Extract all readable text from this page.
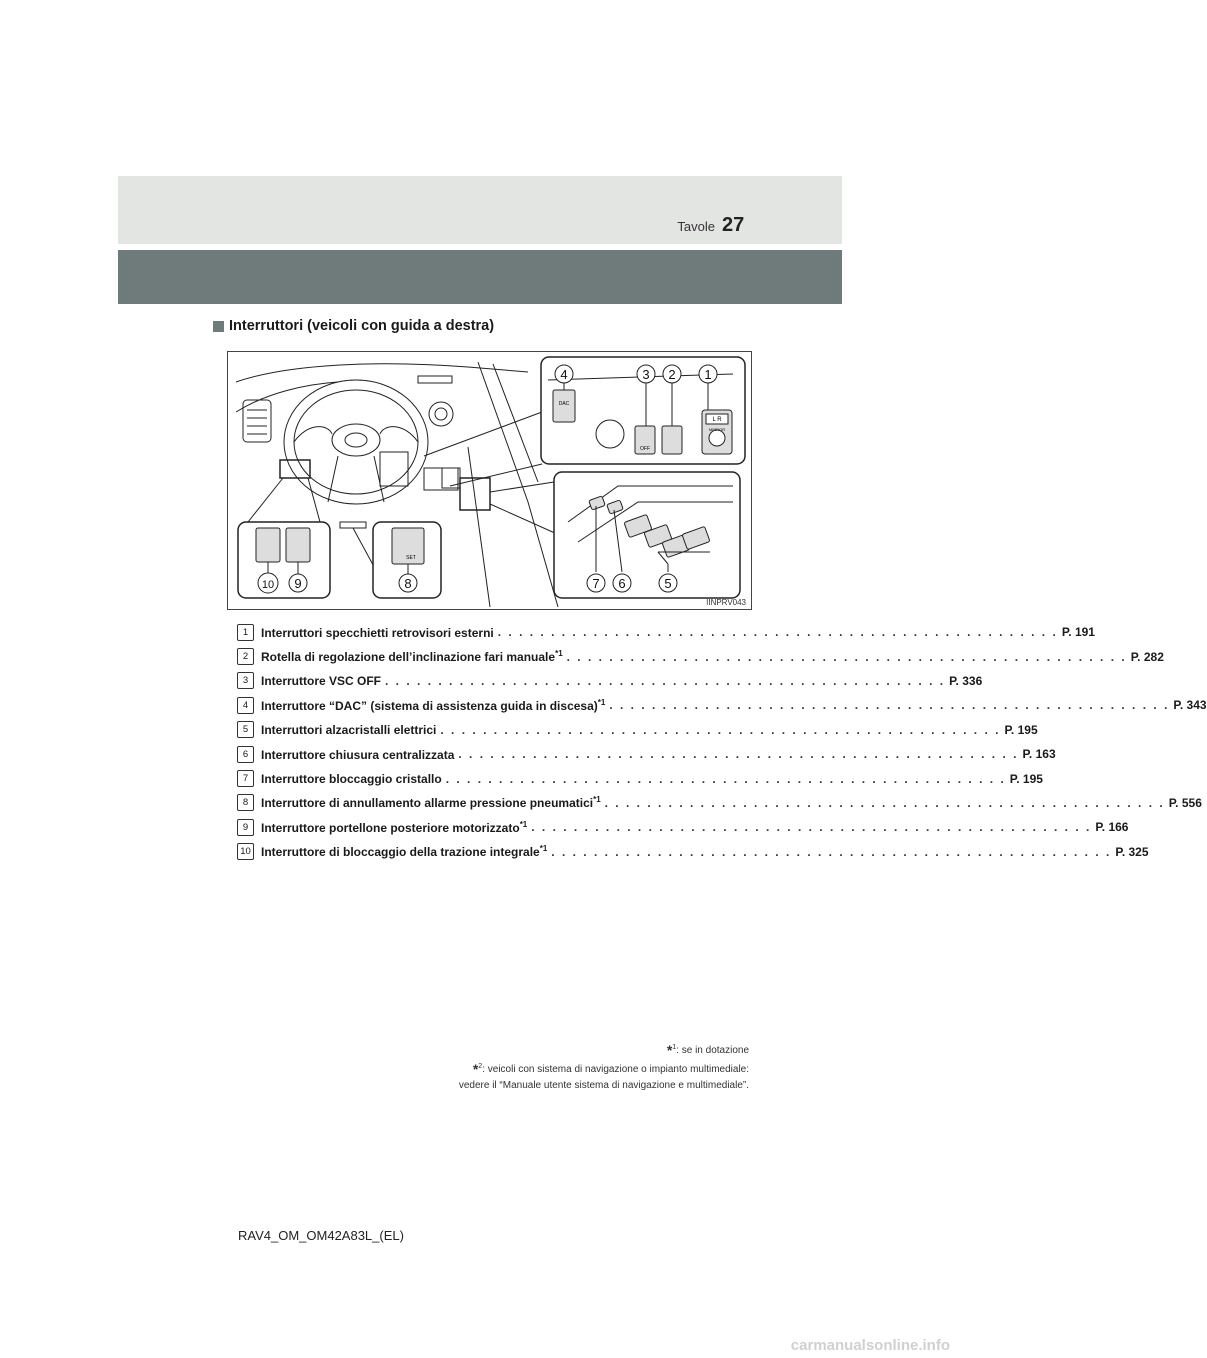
Tavole 27
Interruttori (veicoli con guida a destra)
DAC
OFF
L R
MIRROR
SET
4	3 2 1
7 6	5
8
9
10
IINPRV043
1	Interruttori specchietti retrovisori esterni . . . . . . . . . . . . . . . . . . . . . . . . . . . . . . . . . . . . . . . . . . . . . . . . . . . . . P. 191
2	Rotella di regolazione dell’inclinazione fari manuale$^{*1}$ . . . . . . . . . . . . . . . . . . . . . . . . . . . . . . . . . . . . . . . . . . . . . . . . . . . . . P. 282
3	Interruttore VSC OFF . . . . . . . . . . . . . . . . . . . . . . . . . . . . . . . . . . . . . . . . . . . . . . . . . . . . . P. 336
4	Interruttore “DAC” (sistema di assistenza guida in discesa)$^{*1}$ . . . . . . . . . . . . . . . . . . . . . . . . . . . . . . . . . . . . . . . . . . . . . . . . . . . . . P. 343
5	Interruttori alzacristalli elettrici . . . . . . . . . . . . . . . . . . . . . . . . . . . . . . . . . . . . . . . . . . . . . . . . . . . . . P. 195
6	Interruttore chiusura centralizzata . . . . . . . . . . . . . . . . . . . . . . . . . . . . . . . . . . . . . . . . . . . . . . . . . . . . . P. 163
7	Interruttore bloccaggio cristallo . . . . . . . . . . . . . . . . . . . . . . . . . . . . . . . . . . . . . . . . . . . . . . . . . . . . . P. 195
8	Interruttore di annullamento allarme pressione pneumatici$^{*1}$ . . . . . . . . . . . . . . . . . . . . . . . . . . . . . . . . . . . . . . . . . . . . . . . . . . . . . P. 556
9	Interruttore portellone posteriore motorizzato$^{*1}$ . . . . . . . . . . . . . . . . . . . . . . . . . . . . . . . . . . . . . . . . . . . . . . . . . . . . . P. 166
10 Interruttore di bloccaggio della trazione integrale$^{*1}$ . . . . . . . . . . . . . . . . . . . . . . . . . . . . . . . . . . . . . . . . . . . . . . . . . . . . . P. 325
*$^1$: se in dotazione
*$^2$: veicoli con sistema di navigazione o impianto multimediale:
vedere il “Manuale utente sistema di navigazione e multimediale”.
RAV4_OM_OM42A83L_(EL)
carmanualsonline.info
